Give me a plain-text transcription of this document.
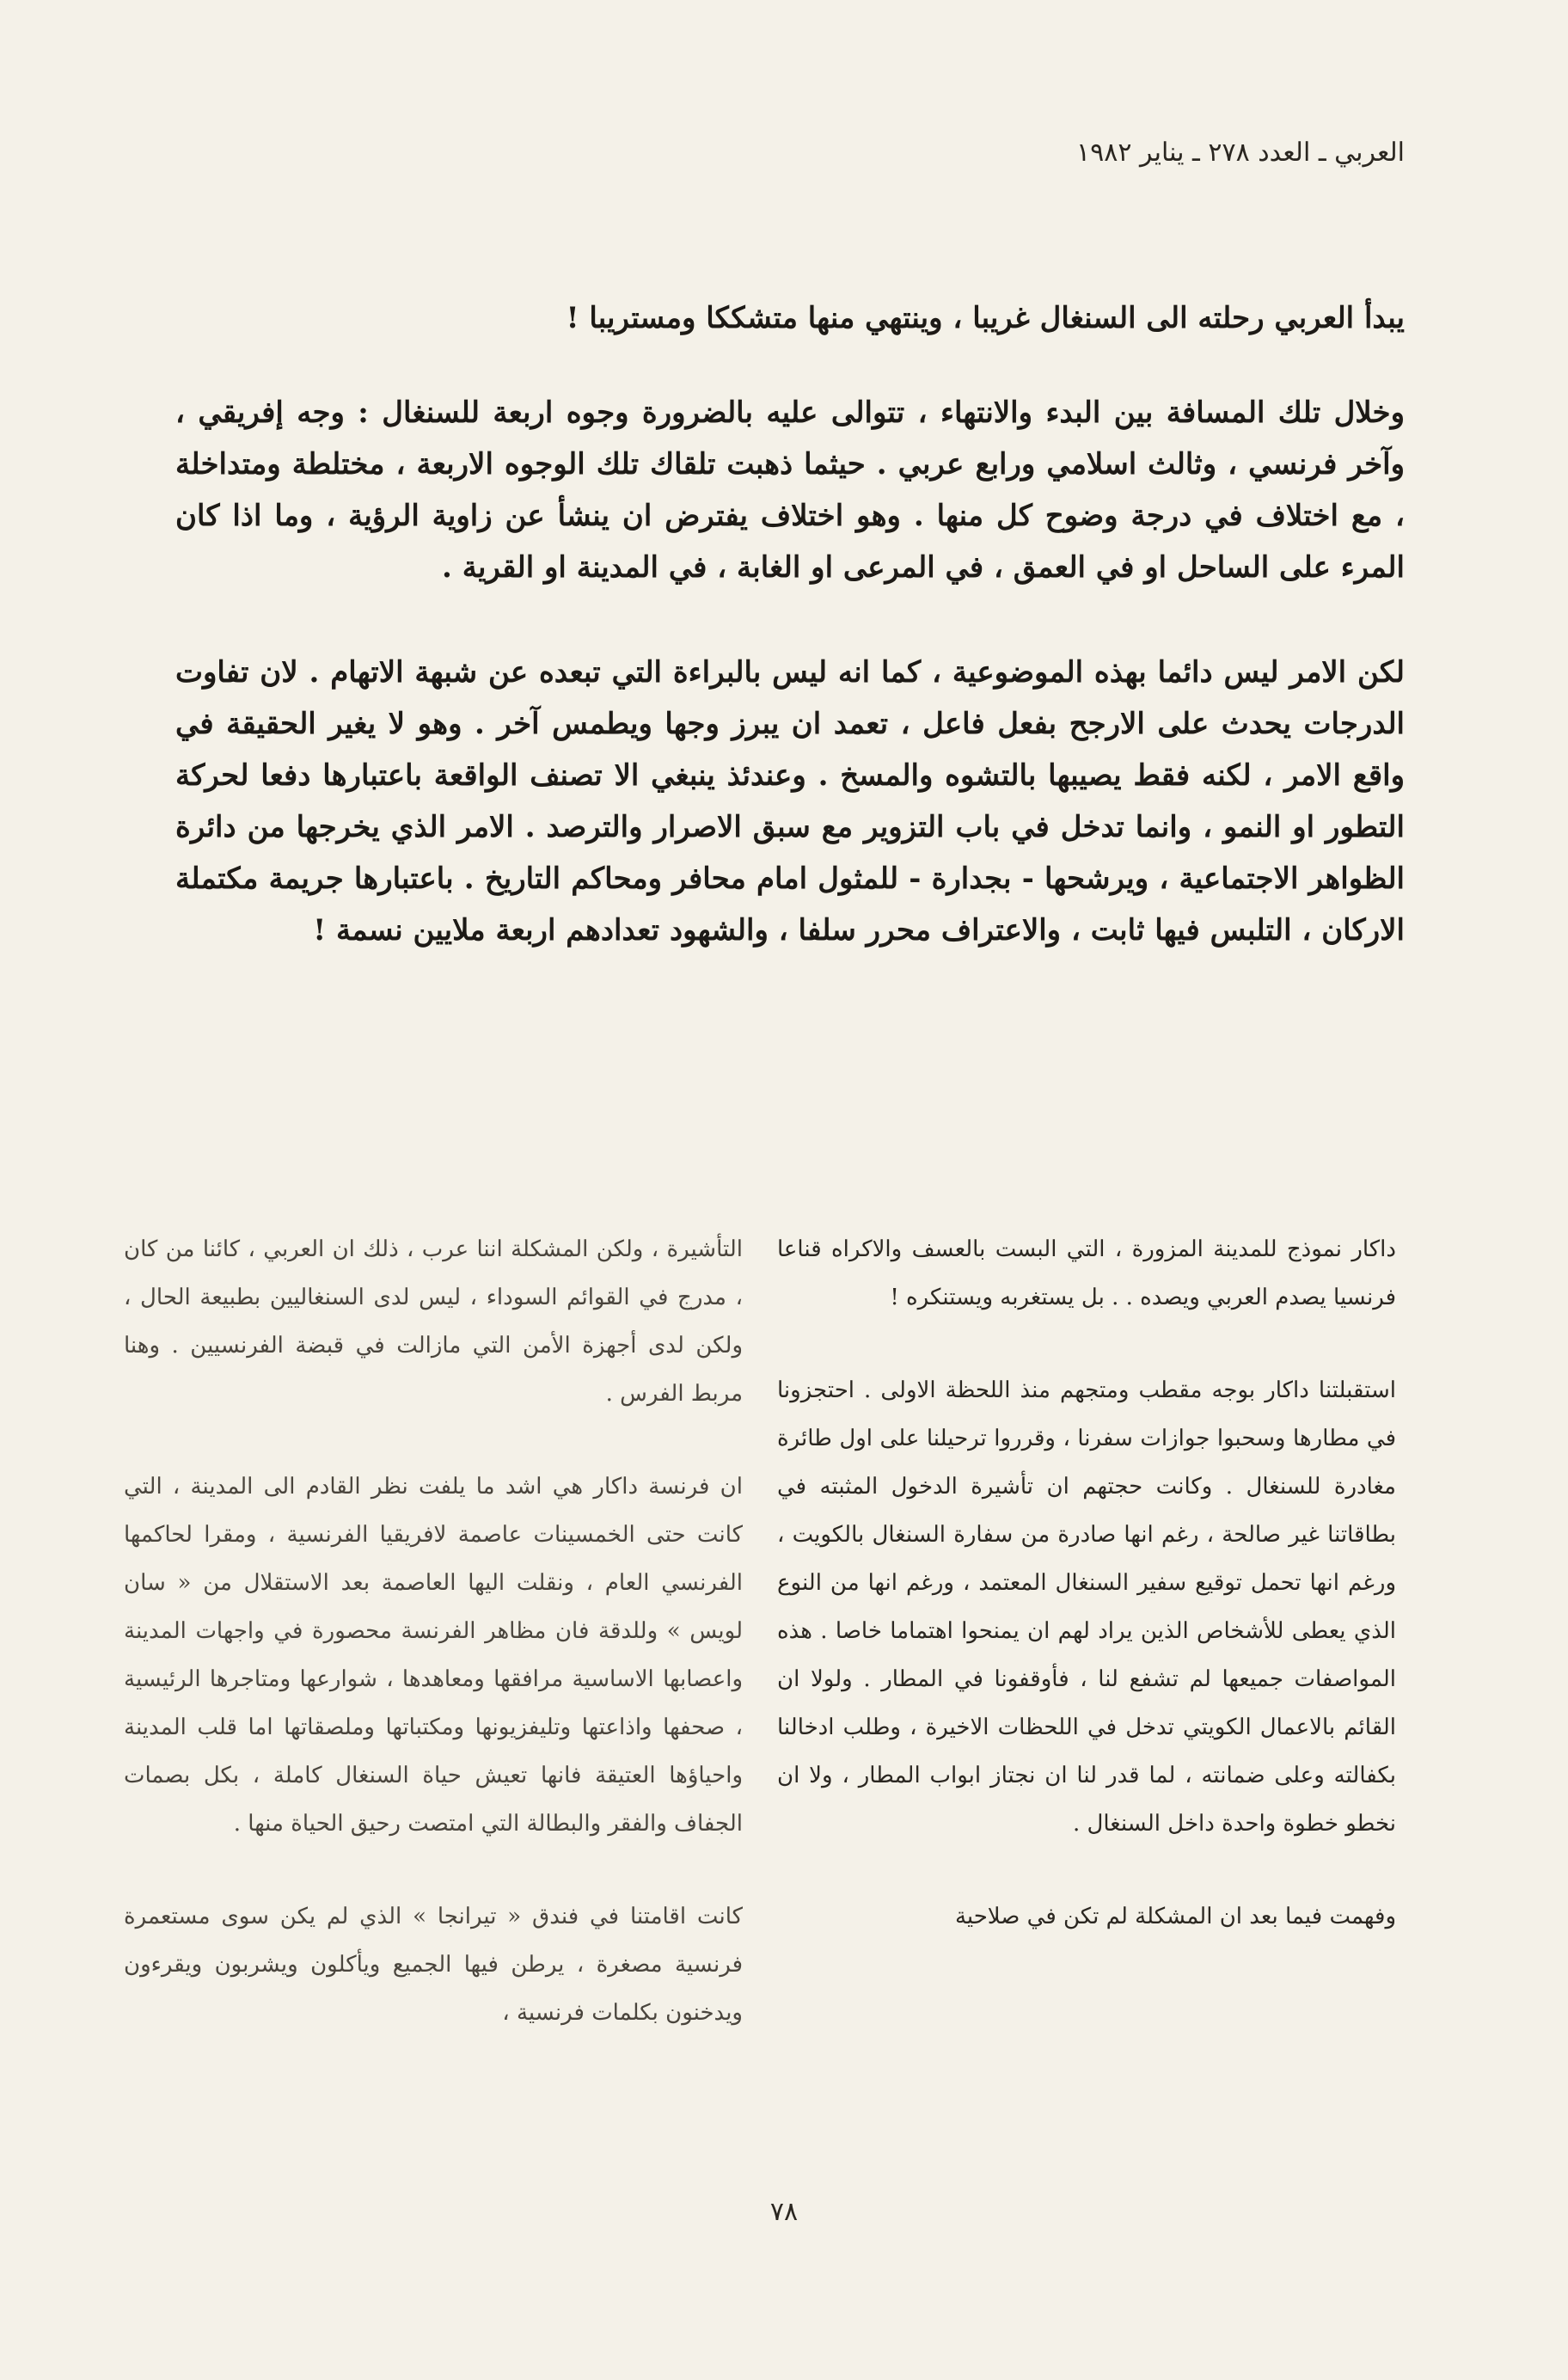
العربي ـ العدد ٢٧٨ ـ يناير ١٩٨٢

يبدأ العربي رحلته الى السنغال غريبا ، وينتهي منها متشككا ومستريبا !

وخلال تلك المسافة بين البدء والانتهاء ، تتوالى عليه بالضرورة وجوه اربعة للسنغال : وجه إفريقي ، وآخر فرنسي ، وثالث اسلامي ورابع عربي . حيثما ذهبت تلقاك تلك الوجوه الاربعة ، مختلطة ومتداخلة ، مع اختلاف في درجة وضوح كل منها . وهو اختلاف يفترض ان ينشأ عن زاوية الرؤية ، وما اذا كان المرء على الساحل او في العمق ، في المرعى او الغابة ، في المدينة او القرية .

لكن الامر ليس دائما بهذه الموضوعية ، كما انه ليس بالبراءة التي تبعده عن شبهة الاتهام . لان تفاوت الدرجات يحدث على الارجح بفعل فاعل ، تعمد ان يبرز وجها ويطمس آخر . وهو لا يغير الحقيقة في واقع الامر ، لكنه فقط يصيبها بالتشوه والمسخ . وعندئذ ينبغي الا تصنف الواقعة باعتبارها دفعا لحركة التطور او النمو ، وانما تدخل في باب التزوير مع سبق الاصرار والترصد . الامر الذي يخرجها من دائرة الظواهر الاجتماعية ، ويرشحها - بجدارة - للمثول امام محافر ومحاكم التاريخ . باعتبارها جريمة مكتملة الاركان ، التلبس فيها ثابت ، والاعتراف محرر سلفا ، والشهود تعدادهم اربعة ملايين نسمة !

داكار نموذج للمدينة المزورة ، التي البست بالعسف والاكراه قناعا فرنسيا يصدم العربي ويصده . . بل يستغربه ويستنكره !

استقبلتنا داكار بوجه مقطب ومتجهم منذ اللحظة الاولى . احتجزونا في مطارها وسحبوا جوازات سفرنا ، وقرروا ترحيلنا على اول طائرة مغادرة للسنغال . وكانت حجتهم ان تأشيرة الدخول المثبته في بطاقاتنا غير صالحة ، رغم انها صادرة من سفارة السنغال بالكويت ، ورغم انها تحمل توقيع سفير السنغال المعتمد ، ورغم انها من النوع الذي يعطى للأشخاص الذين يراد لهم ان يمنحوا اهتماما خاصا . هذه المواصفات جميعها لم تشفع لنا ، فأوقفونا في المطار . ولولا ان القائم بالاعمال الكويتي تدخل في اللحظات الاخيرة ، وطلب ادخالنا بكفالته وعلى ضمانته ، لما قدر لنا ان نجتاز ابواب المطار ، ولا ان نخطو خطوة واحدة داخل السنغال .

وفهمت فيما بعد ان المشكلة لم تكن في صلاحية

التأشيرة ، ولكن المشكلة اننا عرب ، ذلك ان العربي ، كائنا من كان ، مدرج في القوائم السوداء ، ليس لدى السنغاليين بطبيعة الحال ، ولكن لدى أجهزة الأمن التي مازالت في قبضة الفرنسيين . وهنا مربط الفرس .

ان فرنسة داكار هي اشد ما يلفت نظر القادم الى المدينة ، التي كانت حتى الخمسينات عاصمة لافريقيا الفرنسية ، ومقرا لحاكمها الفرنسي العام ، ونقلت اليها العاصمة بعد الاستقلال من « سان لويس » وللدقة فان مظاهر الفرنسة محصورة في واجهات المدينة واعصابها الاساسية مرافقها ومعاهدها ، شوارعها ومتاجرها الرئيسية ، صحفها واذاعتها وتليفزيونها ومكتباتها وملصقاتها اما قلب المدينة واحياؤها العتيقة فانها تعيش حياة السنغال كاملة ، بكل بصمات الجفاف والفقر والبطالة التي امتصت رحيق الحياة منها .

كانت اقامتنا في فندق « تيرانجا » الذي لم يكن سوى مستعمرة فرنسية مصغرة ، يرطن فيها الجميع ويأكلون ويشربون ويقرءون ويدخنون بكلمات فرنسية ،

٧٨
